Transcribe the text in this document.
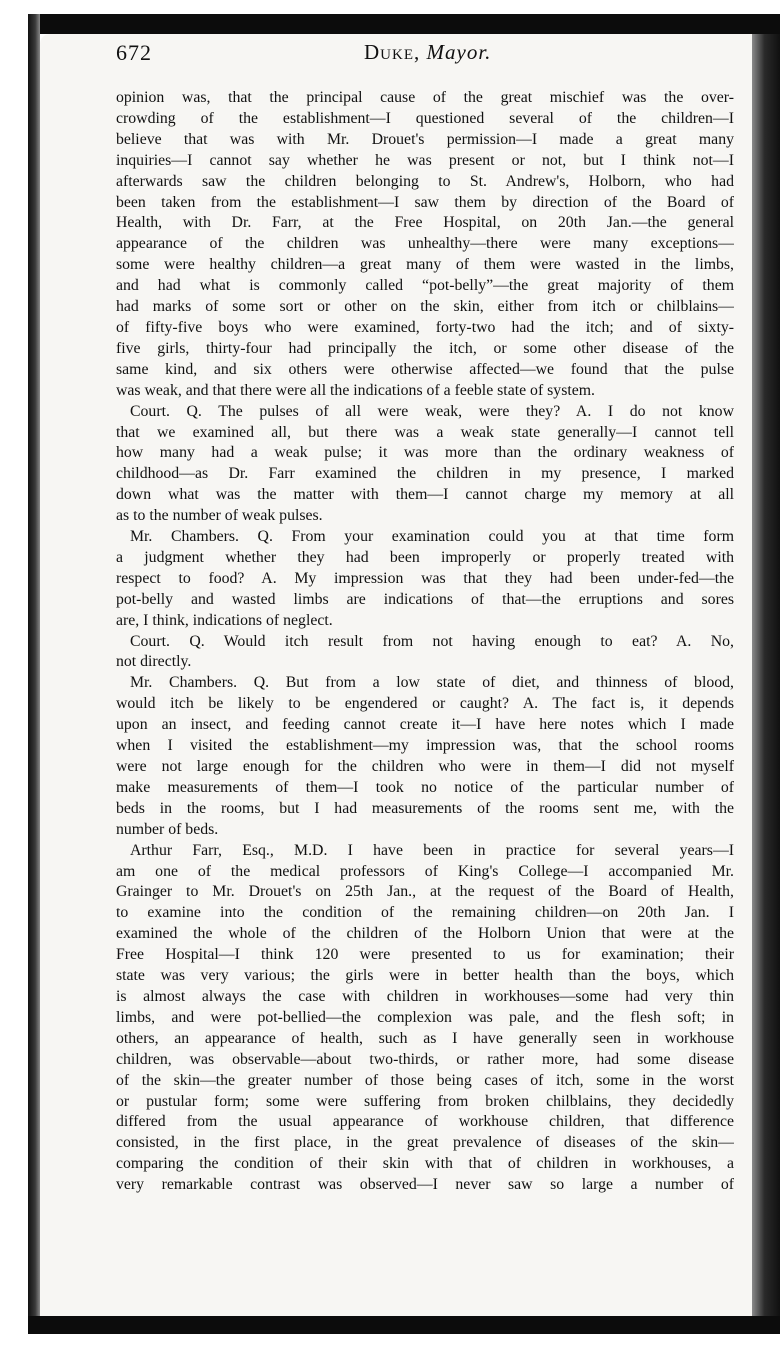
672	Duke, Mayor.
opinion was, that the principal cause of the great mischief was the over-
crowding of the establishment—I questioned several of the children—I
believe that was with Mr. Drouet's permission—I made a great many
inquiries—I cannot say whether he was present or not, but I think not—I
afterwards saw the children belonging to St. Andrew's, Holborn, who had
been taken from the establishment—I saw them by direction of the Board of
Health, with Dr. Farr, at the Free Hospital, on 20th Jan.—the general
appearance of the children was unhealthy—there were many exceptions—
some were healthy children—a great many of them were wasted in the limbs,
and had what is commonly called “pot-belly”—the great majority of them
had marks of some sort or other on the skin, either from itch or chilblains—
of fifty-five boys who were examined, forty-two had the itch; and of sixty-
five girls, thirty-four had principally the itch, or some other disease of the
same kind, and six others were otherwise affected—we found that the pulse
was weak, and that there were all the indications of a feeble state of system.
Court. Q. The pulses of all were weak, were they? A. I do not know
that we examined all, but there was a weak state generally—I cannot tell
how many had a weak pulse; it was more than the ordinary weakness of
childhood—as Dr. Farr examined the children in my presence, I marked
down what was the matter with them—I cannot charge my memory at all
as to the number of weak pulses.
Mr. Chambers. Q. From your examination could you at that time form
a judgment whether they had been improperly or properly treated with
respect to food? A. My impression was that they had been under-fed—the
pot-belly and wasted limbs are indications of that—the erruptions and sores
are, I think, indications of neglect.
Court. Q. Would itch result from not having enough to eat? A. No,
not directly.
Mr. Chambers. Q. But from a low state of diet, and thinness of blood,
would itch be likely to be engendered or caught? A. The fact is, it depends
upon an insect, and feeding cannot create it—I have here notes which I made
when I visited the establishment—my impression was, that the school rooms
were not large enough for the children who were in them—I did not myself
make measurements of them—I took no notice of the particular number of
beds in the rooms, but I had measurements of the rooms sent me, with the
number of beds.
Arthur Farr, Esq., M.D. I have been in practice for several years—I
am one of the medical professors of King's College—I accompanied Mr.
Grainger to Mr. Drouet's on 25th Jan., at the request of the Board of Health,
to examine into the condition of the remaining children—on 20th Jan. I
examined the whole of the children of the Holborn Union that were at the
Free Hospital—I think 120 were presented to us for examination; their
state was very various; the girls were in better health than the boys, which
is almost always the case with children in workhouses—some had very thin
limbs, and were pot-bellied—the complexion was pale, and the flesh soft; in
others, an appearance of health, such as I have generally seen in workhouse
children, was observable—about two-thirds, or rather more, had some disease
of the skin—the greater number of those being cases of itch, some in the worst
or pustular form; some were suffering from broken chilblains, they decidedly
differed from the usual appearance of workhouse children, that difference
consisted, in the first place, in the great prevalence of diseases of the skin—
comparing the condition of their skin with that of children in workhouses, a
very remarkable contrast was observed—I never saw so large a number of
